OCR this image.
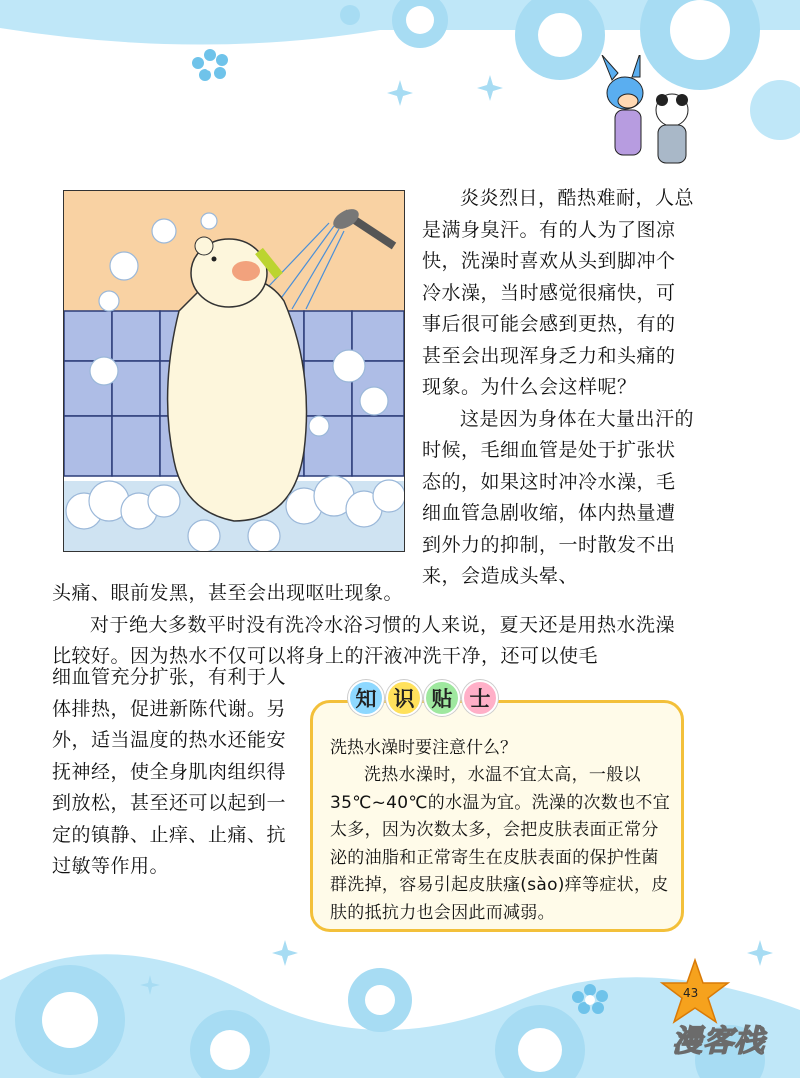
炎炎烈日，酷热难耐，人总是满身臭汗。有的人为了图凉快，洗澡时喜欢从头到脚冲个冷水澡，当时感觉很痛快，可事后很可能会感到更热，有的甚至会出现浑身乏力和头痛的现象。为什么会这样呢？

这是因为身体在大量出汗的时候，毛细血管是处于扩张状态的，如果这时冲冷水澡，毛细血管急剧收缩，体内热量遭到外力的抑制，一时散发不出来，会造成头晕、

头痛、眼前发黑，甚至会出现呕吐现象。

对于绝大多数平时没有洗冷水浴习惯的人来说，夏天还是用热水洗澡比较好。因为热水不仅可以将身上的汗液冲洗干净，还可以使毛

细血管充分扩张，有利于人体排热，促进新陈代谢。另外，适当温度的热水还能安抚神经，使全身肌肉组织得到放松，甚至还可以起到一定的镇静、止痒、止痛、抗过敏等作用。

知 识 贴 士
洗热水澡时要注意什么？

洗热水澡时，水温不宜太高，一般以35℃~40℃的水温为宜。洗澡的次数也不宜太多，因为次数太多，会把皮肤表面正常分泌的油脂和正常寄生在皮肤表面的保护性菌群洗掉，容易引起皮肤瘙(sào)痒等症状，皮肤的抵抗力也会因此而减弱。

43
漫客栈
